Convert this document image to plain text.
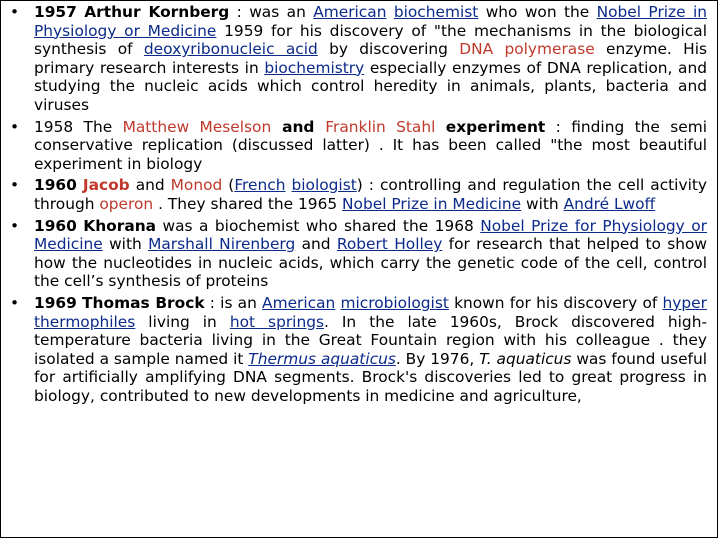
• 1957 Arthur Kornberg : was an American biochemist who won the Nobel Prize in Physiology or Medicine 1959 for his discovery of "the mechanisms in the biological synthesis of deoxyribonucleic acid by discovering DNA polymerase enzyme. His primary research interests in biochemistry especially enzymes of DNA replication, and studying the nucleic acids which control heredity in animals, plants, bacteria and viruses
• 1958 The Matthew Meselson and Franklin Stahl experiment : finding the semi conservative replication (discussed latter) . It has been called "the most beautiful experiment in biology
• 1960 Jacob and Monod (French biologist) : controlling and regulation the cell activity through operon . They shared the 1965 Nobel Prize in Medicine with André Lwoff
• 1960 Khorana was a biochemist who shared the 1968 Nobel Prize for Physiology or Medicine with Marshall Nirenberg and Robert Holley for research that helped to show how the nucleotides in nucleic acids, which carry the genetic code of the cell, control the cell’s synthesis of proteins
• 1969 Thomas Brock : is an American microbiologist known for his discovery of hyper thermophiles living in hot springs. In the late 1960s, Brock discovered high-temperature bacteria living in the Great Fountain region with his colleague . they isolated a sample named it Thermus aquaticus. By 1976, T. aquaticus was found useful for artificially amplifying DNA segments. Brock's discoveries led to great progress in biology, contributed to new developments in medicine and agriculture,
